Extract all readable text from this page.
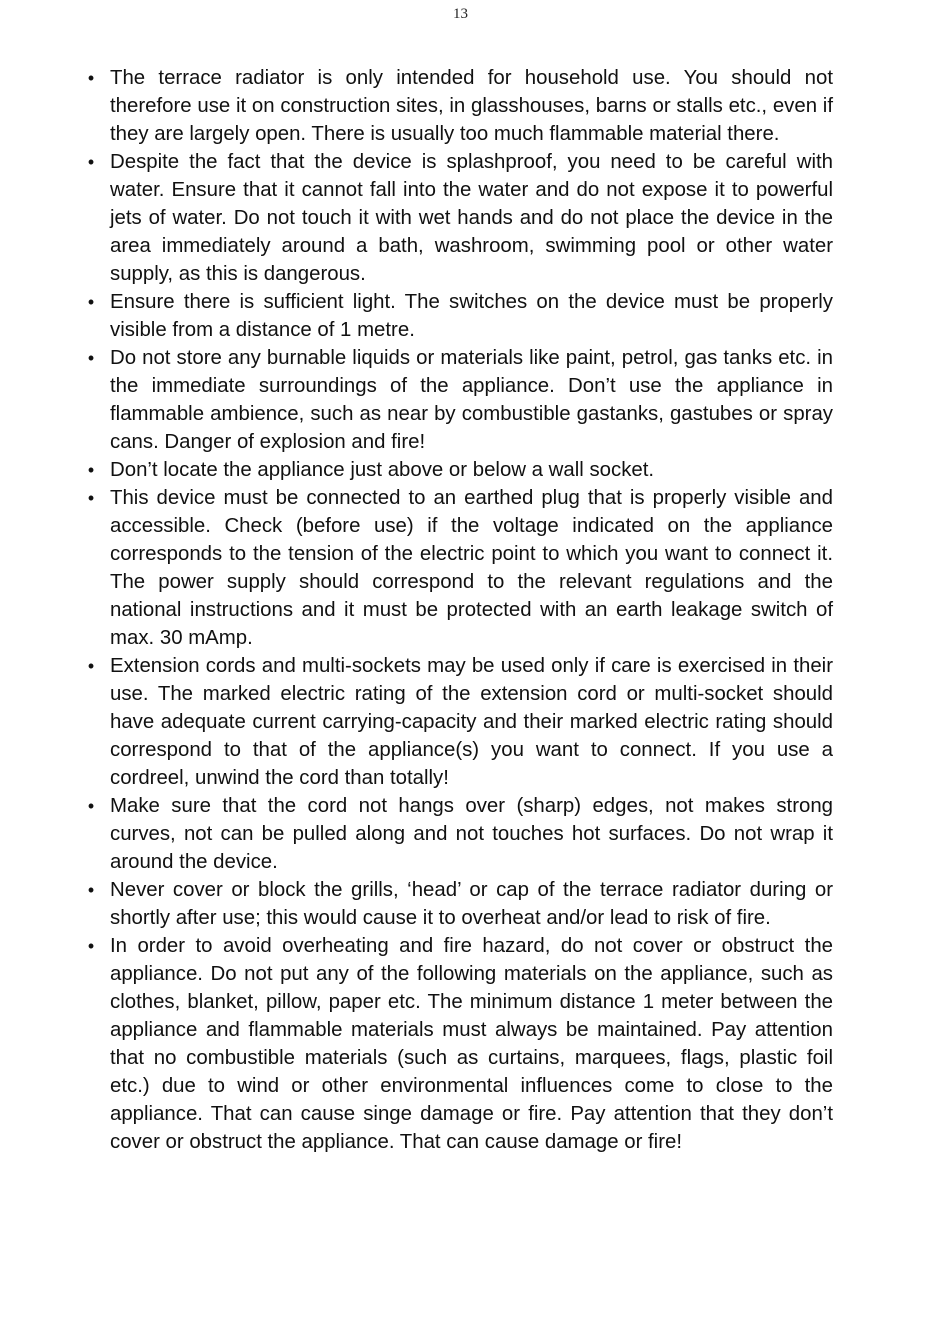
13
• The terrace radiator is only intended for household use. You should not therefore use it on construction sites, in glasshouses, barns or stalls etc., even if they are largely open. There is usually too much flammable material there.
• Despite the fact that the device is splashproof, you need to be careful with water. Ensure that it cannot fall into the water and do not expose it to powerful jets of water. Do not touch it with wet hands and do not place the device in the area immediately around a bath, washroom, swimming pool or other water supply, as this is dangerous.
• Ensure there is sufficient light. The switches on the device must be properly visible from a distance of 1 metre.
• Do not store any burnable liquids or materials like paint, petrol, gas tanks etc. in the immediate surroundings of the appliance. Don’t use the appliance in flammable ambience, such as near by combustible gastanks, gastubes or spray cans. Danger of explosion and fire!
• Don’t locate the appliance just above or below a wall socket.
• This device must be connected to an earthed plug that is properly visible and accessible. Check (before use) if the voltage indicated on the appliance corresponds to the tension of the electric point to which you want to connect it. The power supply should correspond to the relevant regulations and the national instructions and it must be protected with an earth leakage switch of max. 30 mAmp.
• Extension cords and multi-sockets may be used only if care is exercised in their use. The marked electric rating of the extension cord or multi-socket should have adequate current carrying-capacity and their marked electric rating should correspond to that of the appliance(s) you want to connect. If you use a cordreel, unwind the cord than totally!
• Make sure that the cord not hangs over (sharp) edges, not makes strong curves, not can be pulled along and not touches hot surfaces. Do not wrap it around the device.
• Never cover or block the grills, ‘head’ or cap of the terrace radiator during or shortly after use; this would cause it to overheat and/or lead to risk of fire.
• In order to avoid overheating and fire hazard, do not cover or obstruct the appliance. Do not put any of the following materials on the appliance, such as clothes, blanket, pillow, paper etc. The minimum distance 1 meter between the appliance and flammable materials must always be maintained. Pay attention that no combustible materials (such as curtains, marquees, flags, plastic foil etc.) due to wind or other environmental influences come to close to the appliance. That can cause singe damage or fire. Pay attention that they don’t cover or obstruct the appliance. That can cause damage or fire!
